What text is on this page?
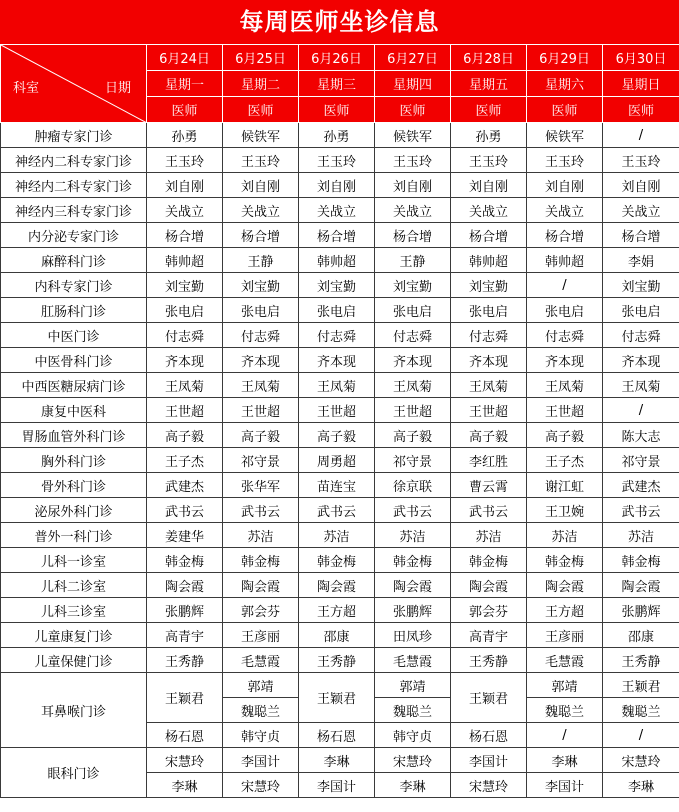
每周医师坐诊信息
科室 日期	6月24日	6月25日	6月26日	6月27日	6月28日	6月29日	6月30日
	星期一	星期二	星期三	星期四	星期五	星期六	星期日
	医师	医师	医师	医师	医师	医师	医师
肿瘤专家门诊	孙勇	候铁军	孙勇	候铁军	孙勇	候铁军	/
神经内二科专家门诊	王玉玲	王玉玲	王玉玲	王玉玲	王玉玲	王玉玲	王玉玲
神经内二科专家门诊	刘自刚	刘自刚	刘自刚	刘自刚	刘自刚	刘自刚	刘自刚
神经内三科专家门诊	关战立	关战立	关战立	关战立	关战立	关战立	关战立
内分泌专家门诊	杨合增	杨合增	杨合增	杨合增	杨合增	杨合增	杨合增
麻醉科门诊	韩帅超	王静	韩帅超	王静	韩帅超	韩帅超	李娟
内科专家门诊	刘宝勤	刘宝勤	刘宝勤	刘宝勤	刘宝勤	/	刘宝勤
肛肠科门诊	张电启	张电启	张电启	张电启	张电启	张电启	张电启
中医门诊	付志舜	付志舜	付志舜	付志舜	付志舜	付志舜	付志舜
中医骨科门诊	齐本现	齐本现	齐本现	齐本现	齐本现	齐本现	齐本现
中西医糖尿病门诊	王凤菊	王凤菊	王凤菊	王凤菊	王凤菊	王凤菊	王凤菊
康复中医科	王世超	王世超	王世超	王世超	王世超	王世超	/
胃肠血管外科门诊	高子毅	高子毅	高子毅	高子毅	高子毅	高子毅	陈大志
胸外科门诊	王子杰	祁守景	周勇超	祁守景	李红胜	王子杰	祁守景
骨外科门诊	武建杰	张华军	苗连宝	徐京联	曹云霄	谢江虹	武建杰
泌尿外科门诊	武书云	武书云	武书云	武书云	武书云	王卫婉	武书云
普外一科门诊	姜建华	苏洁	苏洁	苏洁	苏洁	苏洁	苏洁
儿科一诊室	韩金梅	韩金梅	韩金梅	韩金梅	韩金梅	韩金梅	韩金梅
儿科二诊室	陶会霞	陶会霞	陶会霞	陶会霞	陶会霞	陶会霞	陶会霞
儿科三诊室	张鹏辉	郭会芬	王方超	张鹏辉	郭会芬	王方超	张鹏辉
儿童康复门诊	高青宇	王彦丽	邵康	田凤珍	高青宇	王彦丽	邵康
儿童保健门诊	王秀静	毛慧霞	王秀静	毛慧霞	王秀静	毛慧霞	王秀静
耳鼻喉门诊	王颖君	郭靖	王颖君	郭靖	王颖君	郭靖	王颖君
		魏聪兰		魏聪兰		魏聪兰	魏聪兰
	杨石恩	韩守贞	杨石恩	韩守贞	杨石恩	/	/
眼科门诊	宋慧玲	李国计	李琳	宋慧玲	李国计	李琳	宋慧玲
	李琳	宋慧玲	李国计	李琳	宋慧玲	李国计	李琳
